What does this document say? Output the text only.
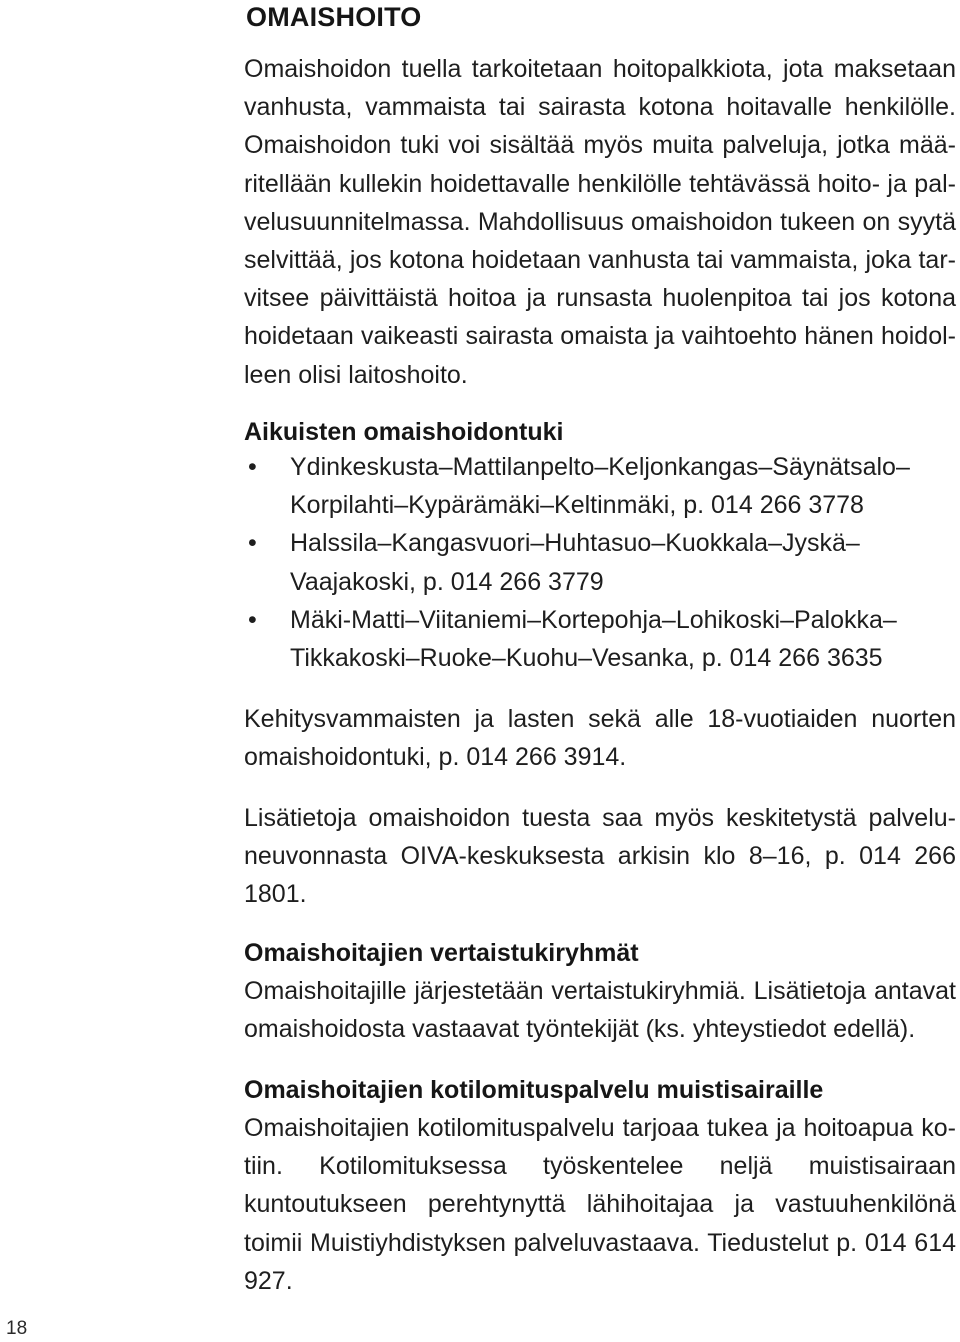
OMAISHOITO

Omaishoidon tuella tarkoitetaan hoitopalkkiota, jota maksetaan vanhusta, vammaista tai sairasta kotona hoitavalle henkilölle. Omaishoidon tuki voi sisältää myös muita palveluja, jotka määritellään kullekin hoidettavalle henkilölle tehtävässä hoito- ja palvelusuunnitelmassa. Mahdollisuus omaishoidon tukeen on syytä selvittää, jos kotona hoidetaan vanhusta tai vammaista, joka tarvitsee päivittäistä hoitoa ja runsasta huolenpitoa tai jos kotona hoidetaan vaikeasti sairasta omaista ja vaihtoehto hänen hoidolleen olisi laitoshoito.

Aikuisten omaishoidontuki
• Ydinkeskusta–Mattilanpelto–Keljonkangas–Säynätsalo–Korpilahti–Kypärämäki–Keltinmäki, p. 014 266 3778
• Halssila–Kangasvuori–Huhtasuo–Kuokkala–Jyskä–Vaajakoski, p. 014 266 3779
• Mäki-Matti–Viitaniemi–Kortepohja–Lohikoski–Palokka–Tikkakoski–Ruoke–Kuohu–Vesanka, p. 014 266 3635

Kehitysvammaisten ja lasten sekä alle 18-vuotiaiden nuorten omaishoidontuki, p. 014 266 3914.

Lisätietoja omaishoidon tuesta saa myös keskitetystä palveluneuvonnasta OIVA-keskuksesta arkisin klo 8–16, p. 014 266 1801.

Omaishoitajien vertaistukiryhmät

Omaishoitajille järjestetään vertaistukiryhmiä. Lisätietoja antavat omaishoidosta vastaavat työntekijät (ks. yhteystiedot edellä).

Omaishoitajien kotilomituspalvelu muistisairaille

Omaishoitajien kotilomituspalvelu tarjoaa tukea ja hoitoapua kotiin. Kotilomituksessa työskentelee neljä muistisairaan kuntoutukseen perehtynyttä lähihoitajaa ja vastuuhenkilönä toimii Muistiyhdistyksen palveluvastaava. Tiedustelut p. 014 614 927.

18
